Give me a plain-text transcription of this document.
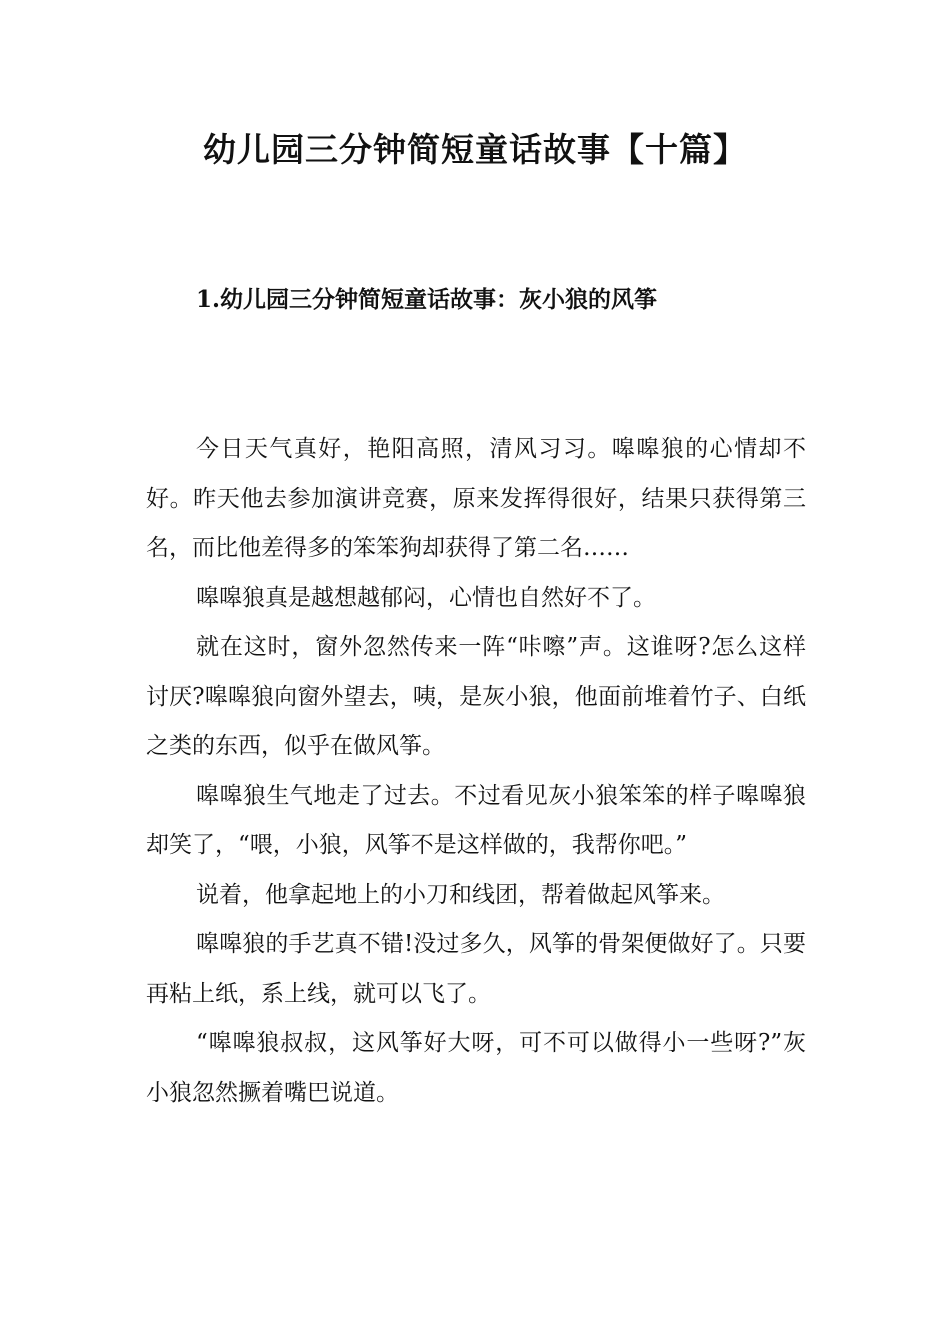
幼儿园三分钟简短童话故事【十篇】
1.幼儿园三分钟简短童话故事：灰小狼的风筝

今日天气真好，艳阳高照，清风习习。嗥嗥狼的心情却不好。昨天他去参加演讲竞赛，原来发挥得很好，结果只获得第三名，而比他差得多的笨笨狗却获得了第二名……

嗥嗥狼真是越想越郁闷，心情也自然好不了。

就在这时，窗外忽然传来一阵“咔嚓”声。这谁呀?怎么这样讨厌?嗥嗥狼向窗外望去，咦，是灰小狼，他面前堆着竹子、白纸之类的东西，似乎在做风筝。

嗥嗥狼生气地走了过去。不过看见灰小狼笨笨的样子嗥嗥狼却笑了，“喂，小狼，风筝不是这样做的，我帮你吧。”

说着，他拿起地上的小刀和线团，帮着做起风筝来。

嗥嗥狼的手艺真不错!没过多久，风筝的骨架便做好了。只要再粘上纸，系上线，就可以飞了。

“嗥嗥狼叔叔，这风筝好大呀，可不可以做得小一些呀?”灰小狼忽然撅着嘴巴说道。
